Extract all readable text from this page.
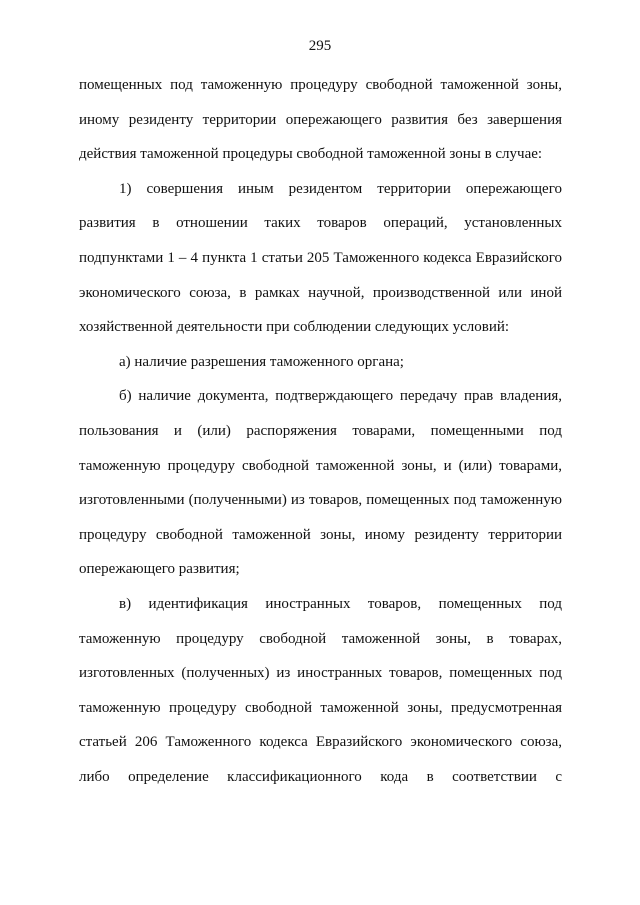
295
помещенных под таможенную процедуру свободной таможенной зоны,
иному резиденту территории опережающего развития без завершения
действия таможенной процедуры свободной таможенной зоны в случае:
1) совершения иным резидентом территории опережающего
развития в отношении таких товаров операций, установленных
подпунктами 1 – 4 пункта 1 статьи 205 Таможенного кодекса Евразийского
экономического союза, в рамках научной, производственной или иной
хозяйственной деятельности при соблюдении следующих условий:
а) наличие разрешения таможенного органа;
б) наличие документа, подтверждающего передачу прав владения,
пользования и (или) распоряжения товарами, помещенными под
таможенную процедуру свободной таможенной зоны, и (или) товарами,
изготовленными (полученными) из товаров, помещенных под таможенную
процедуру свободной таможенной зоны, иному резиденту территории
опережающего развития;
в) идентификация иностранных товаров, помещенных под
таможенную процедуру свободной таможенной зоны, в товарах,
изготовленных (полученных) из иностранных товаров, помещенных под
таможенную процедуру свободной таможенной зоны, предусмотренная
статьей 206 Таможенного кодекса Евразийского экономического союза,
либо определение классификационного кода в соответствии с
